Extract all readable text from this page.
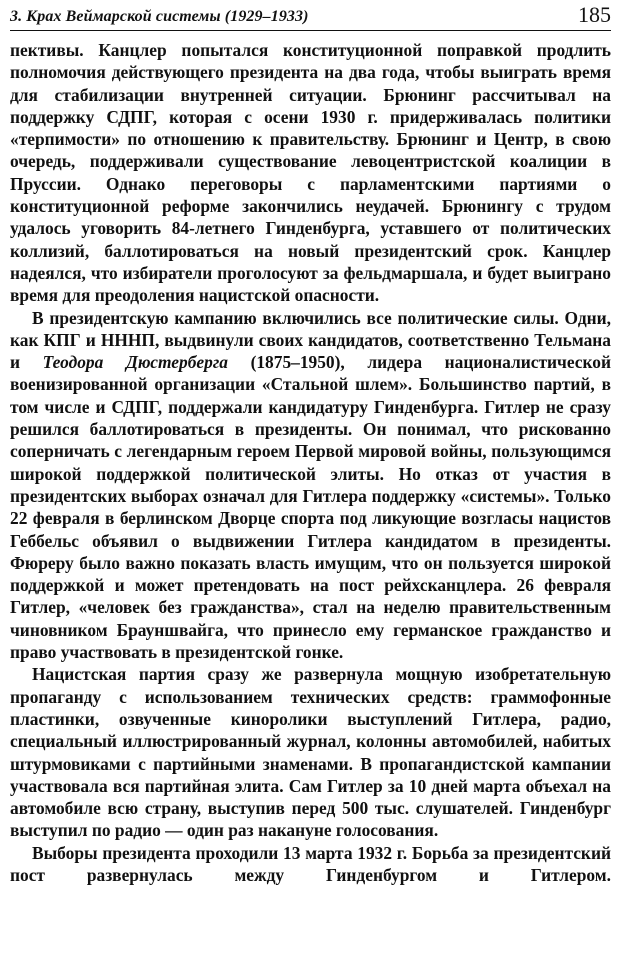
3. Крах Веймарской системы (1929–1933)	185

пективы. Канцлер попытался конституционной поправкой продлить полномочия действующего президента на два года, чтобы выиграть время для стабилизации внутренней ситуации. Брюнинг рассчитывал на поддержку СДПГ, которая с осени 1930 г. придерживалась политики «терпимости» по отношению к правительству. Брюнинг и Центр, в свою очередь, поддерживали существование левоцентристской коалиции в Пруссии. Однако переговоры с парламентскими партиями о конституционной реформе закончились неудачей. Брюнингу с трудом удалось уговорить 84-летнего Гинденбурга, уставшего от политических коллизий, баллотироваться на новый президентский срок. Канцлер надеялся, что избиратели проголосуют за фельдмаршала, и будет выиграно время для преодоления нацистской опасности.

В президентскую кампанию включились все политические силы. Одни, как КПГ и НННП, выдвинули своих кандидатов, соответственно Тельмана и Теодора Дюстерберга (1875–1950), лидера националистической военизированной организации «Стальной шлем». Большинство партий, в том числе и СДПГ, поддержали кандидатуру Гинденбурга. Гитлер не сразу решился баллотироваться в президенты. Он понимал, что рискованно соперничать с легендарным героем Первой мировой войны, пользующимся широкой поддержкой политической элиты. Но отказ от участия в президентских выборах означал для Гитлера поддержку «системы». Только 22 февраля в берлинском Дворце спорта под ликующие возгласы нацистов Геббельс объявил о выдвижении Гитлера кандидатом в президенты. Фюреру было важно показать власть имущим, что он пользуется широкой поддержкой и может претендовать на пост рейхсканцлера. 26 февраля Гитлер, «человек без гражданства», стал на неделю правительственным чиновником Брауншвайга, что принесло ему германское гражданство и право участвовать в президентской гонке.

Нацистская партия сразу же развернула мощную изобретательную пропаганду с использованием технических средств: граммофонные пластинки, озвученные киноролики выступлений Гитлера, радио, специальный иллюстрированный журнал, колонны автомобилей, набитых штурмовиками с партийными знаменами. В пропагандистской кампании участвовала вся партийная элита. Сам Гитлер за 10 дней марта объехал на автомобиле всю страну, выступив перед 500 тыс. слушателей. Гинденбург выступил по радио — один раз накануне голосования.

Выборы президента проходили 13 марта 1932 г. Борьба за президентский пост развернулась между Гинденбургом и Гитлером.
